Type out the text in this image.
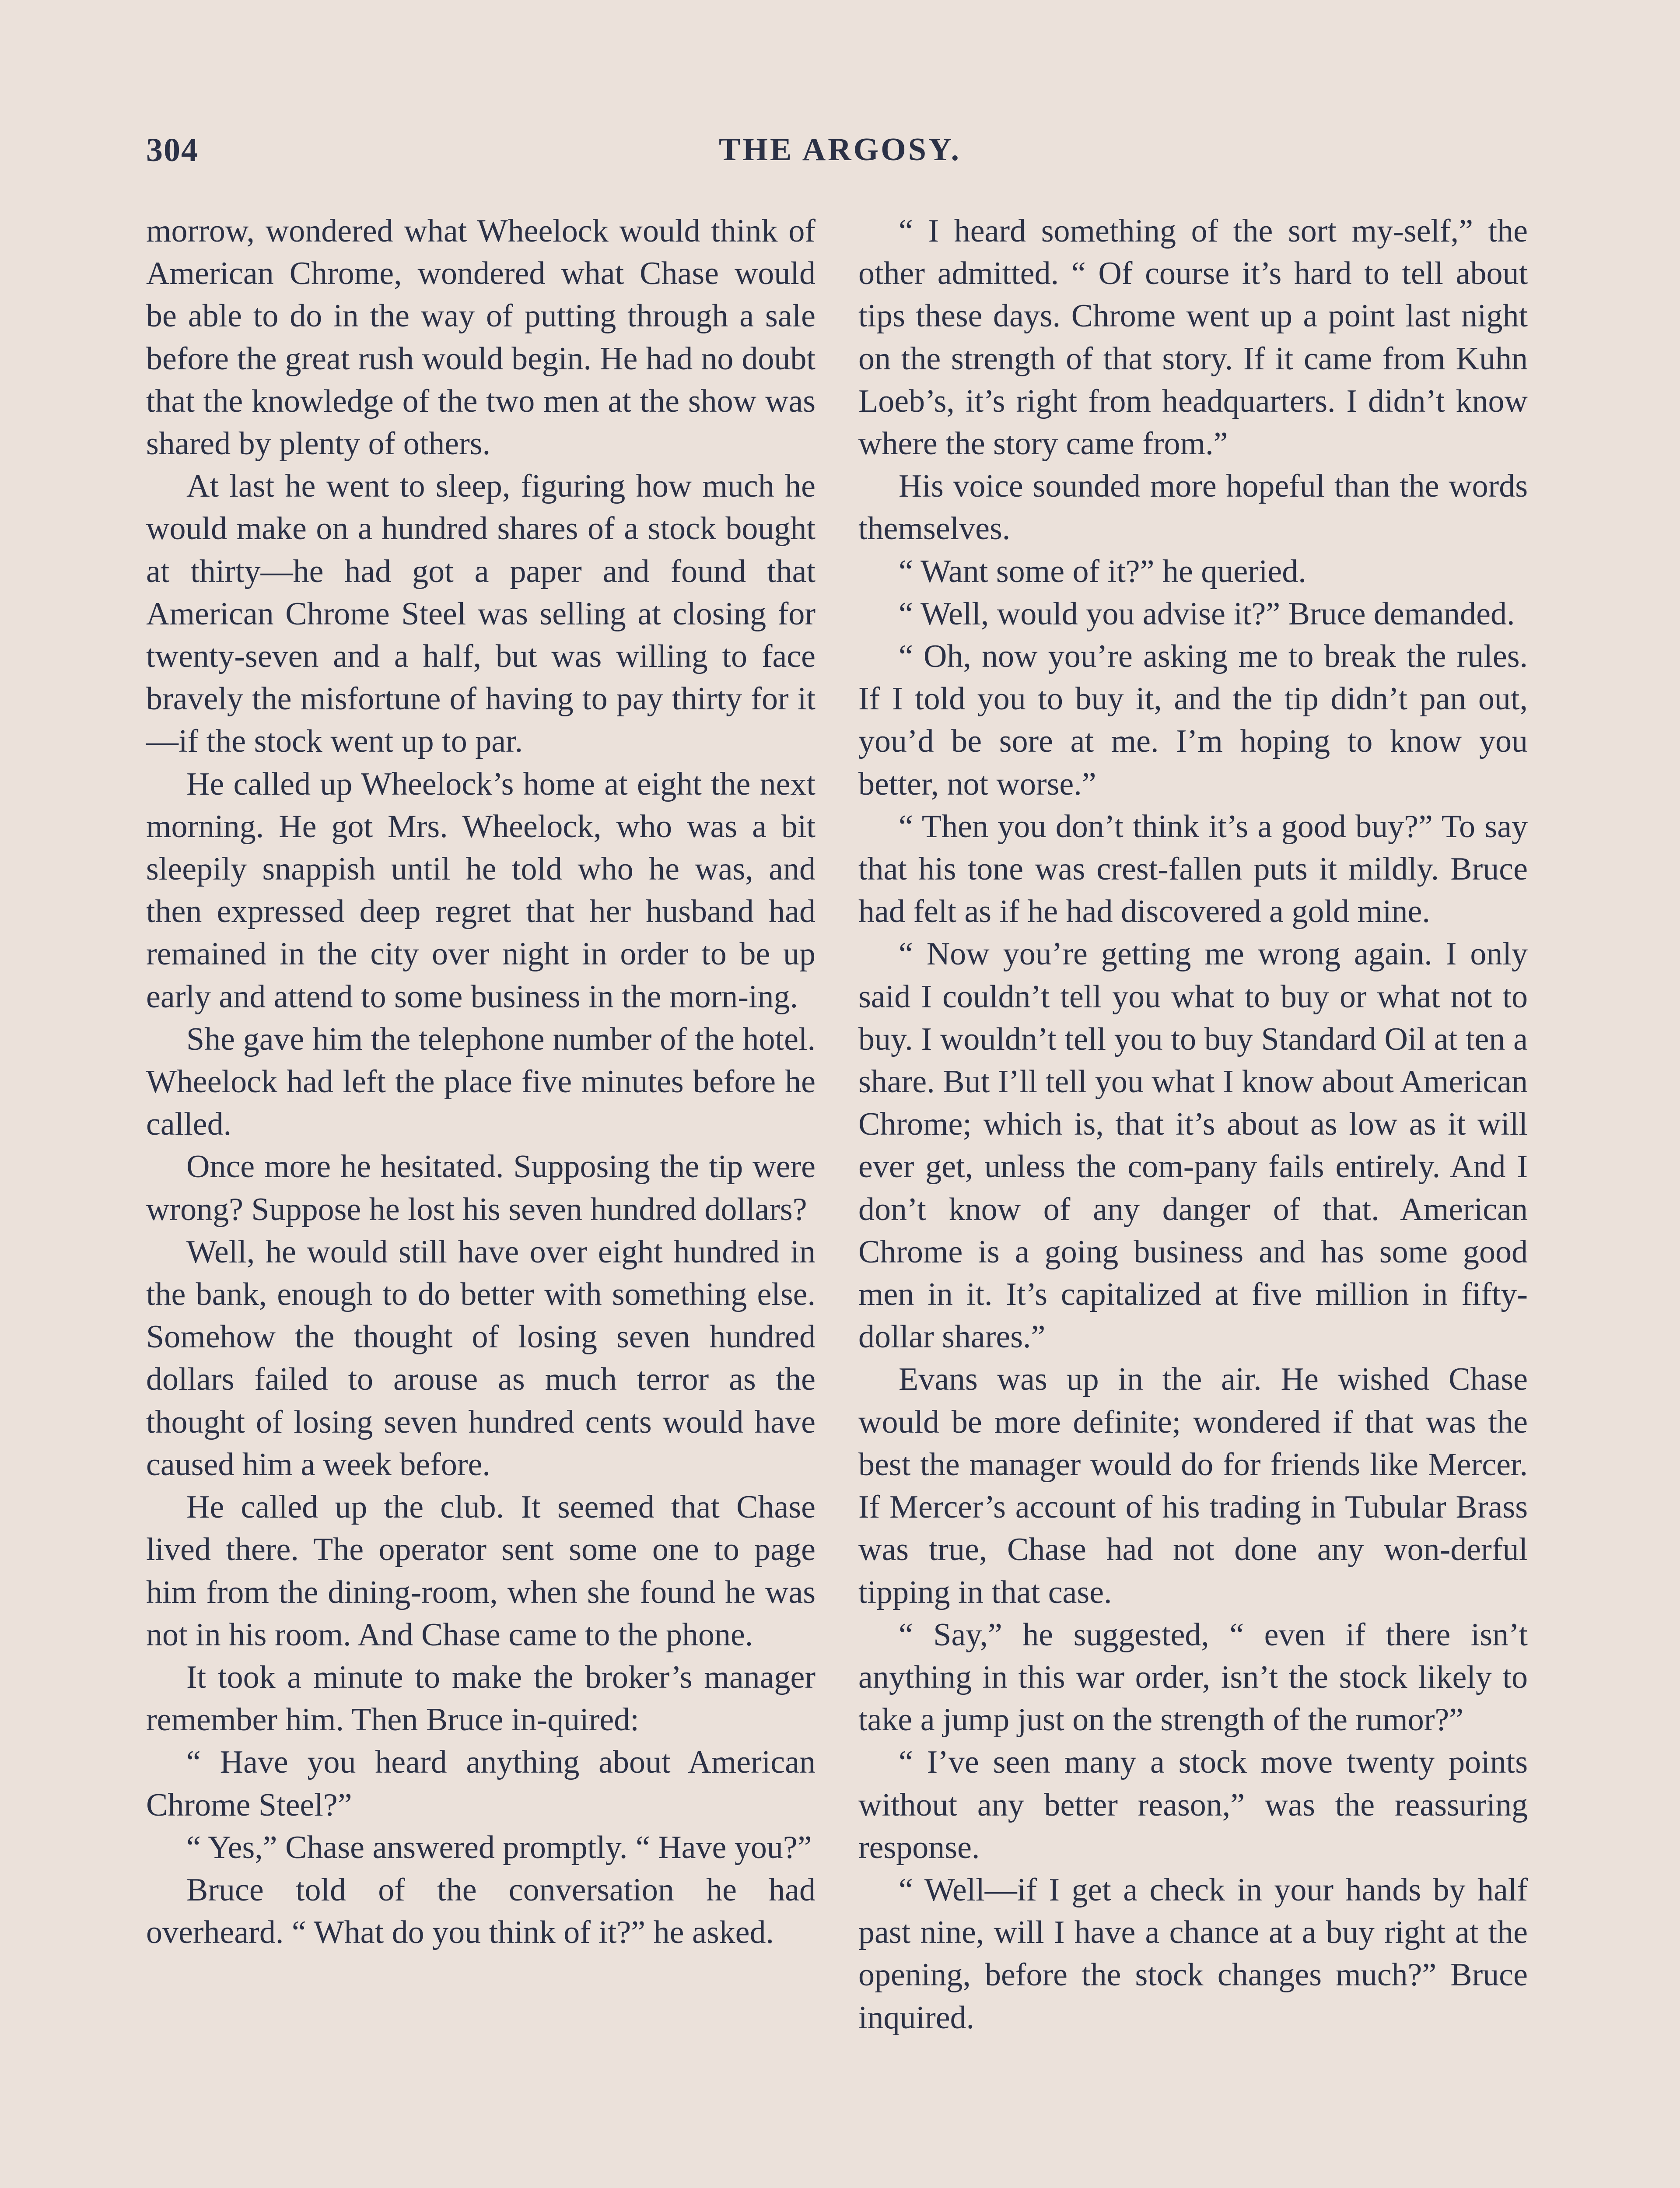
304	THE ARGOSY.

morrow, wondered what Wheelock would think of American Chrome, wondered what Chase would be able to do in the way of putting through a sale before the great rush would begin. He had no doubt that the knowledge of the two men at the show was shared by plenty of others.

At last he went to sleep, figuring how much he would make on a hundred shares of a stock bought at thirty—he had got a paper and found that American Chrome Steel was selling at closing for twenty-seven and a half, but was willing to face bravely the misfortune of having to pay thirty for it—if the stock went up to par.

He called up Wheelock’s home at eight the next morning. He got Mrs. Wheelock, who was a bit sleepily snappish until he told who he was, and then expressed deep regret that her husband had remained in the city over night in order to be up early and attend to some business in the morn-ing.

She gave him the telephone number of the hotel. Wheelock had left the place five minutes before he called.

Once more he hesitated. Supposing the tip were wrong? Suppose he lost his seven hundred dollars?

Well, he would still have over eight hundred in the bank, enough to do better with something else. Somehow the thought of losing seven hundred dollars failed to arouse as much terror as the thought of losing seven hundred cents would have caused him a week before.

He called up the club. It seemed that Chase lived there. The operator sent some one to page him from the dining-room, when she found he was not in his room. And Chase came to the phone.

It took a minute to make the broker’s manager remember him. Then Bruce in-quired:

“ Have you heard anything about American Chrome Steel?”

“ Yes,” Chase answered promptly. “ Have you?”

Bruce told of the conversation he had overheard. “ What do you think of it?” he asked.

“ I heard something of the sort my-self,” the other admitted. “ Of course it’s hard to tell about tips these days. Chrome went up a point last night on the strength of that story. If it came from Kuhn Loeb’s, it’s right from headquarters. I didn’t know where the story came from.”

His voice sounded more hopeful than the words themselves.

“ Want some of it?” he queried.

“ Well, would you advise it?” Bruce demanded.

“ Oh, now you’re asking me to break the rules. If I told you to buy it, and the tip didn’t pan out, you’d be sore at me. I’m hoping to know you better, not worse.”

“ Then you don’t think it’s a good buy?” To say that his tone was crest-fallen puts it mildly. Bruce had felt as if he had discovered a gold mine.

“ Now you’re getting me wrong again. I only said I couldn’t tell you what to buy or what not to buy. I wouldn’t tell you to buy Standard Oil at ten a share. But I’ll tell you what I know about American Chrome; which is, that it’s about as low as it will ever get, unless the com-pany fails entirely. And I don’t know of any danger of that. American Chrome is a going business and has some good men in it. It’s capitalized at five million in fifty-dollar shares.”

Evans was up in the air. He wished Chase would be more definite; wondered if that was the best the manager would do for friends like Mercer. If Mercer’s account of his trading in Tubular Brass was true, Chase had not done any won-derful tipping in that case.

“ Say,” he suggested, “ even if there isn’t anything in this war order, isn’t the stock likely to take a jump just on the strength of the rumor?”

“ I’ve seen many a stock move twenty points without any better reason,” was the reassuring response.

“ Well—if I get a check in your hands by half past nine, will I have a chance at a buy right at the opening, before the stock changes much?” Bruce inquired.
